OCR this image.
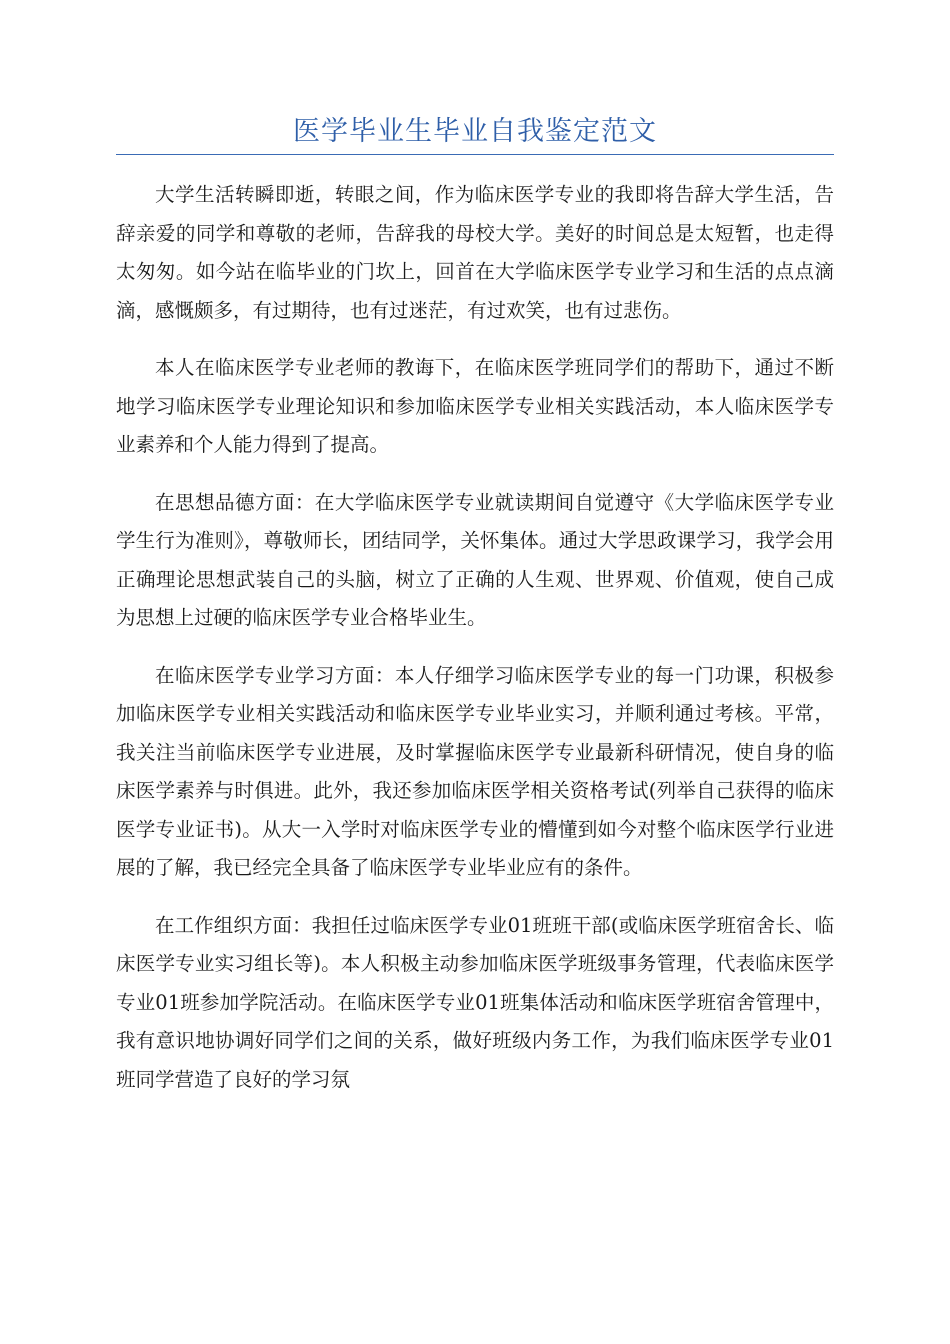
医学毕业生毕业自我鉴定范文

大学生活转瞬即逝，转眼之间，作为临床医学专业的我即将告辞大学生活，告辞亲爱的同学和尊敬的老师，告辞我的母校大学。美好的时间总是太短暂，也走得太匆匆。如今站在临毕业的门坎上，回首在大学临床医学专业学习和生活的点点滴滴，感慨颇多，有过期待，也有过迷茫，有过欢笑，也有过悲伤。

本人在临床医学专业老师的教诲下，在临床医学班同学们的帮助下，通过不断地学习临床医学专业理论知识和参加临床医学专业相关实践活动，本人临床医学专业素养和个人能力得到了提高。

在思想品德方面：在大学临床医学专业就读期间自觉遵守《大学临床医学专业学生行为准则》，尊敬师长，团结同学，关怀集体。通过大学思政课学习，我学会用正确理论思想武装自己的头脑，树立了正确的人生观、世界观、价值观，使自己成为思想上过硬的临床医学专业合格毕业生。

在临床医学专业学习方面：本人仔细学习临床医学专业的每一门功课，积极参加临床医学专业相关实践活动和临床医学专业毕业实习，并顺利通过考核。平常，我关注当前临床医学专业进展，及时掌握临床医学专业最新科研情况，使自身的临床医学素养与时俱进。此外，我还参加临床医学相关资格考试(列举自己获得的临床医学专业证书)。从大一入学时对临床医学专业的懵懂到如今对整个临床医学行业进展的了解，我已经完全具备了临床医学专业毕业应有的条件。

在工作组织方面：我担任过临床医学专业01班班干部(或临床医学班宿舍长、临床医学专业实习组长等)。本人积极主动参加临床医学班级事务管理，代表临床医学专业01班参加学院活动。在临床医学专业01班集体活动和临床医学班宿舍管理中，我有意识地协调好同学们之间的关系，做好班级内务工作，为我们临床医学专业01班同学营造了良好的学习氛
